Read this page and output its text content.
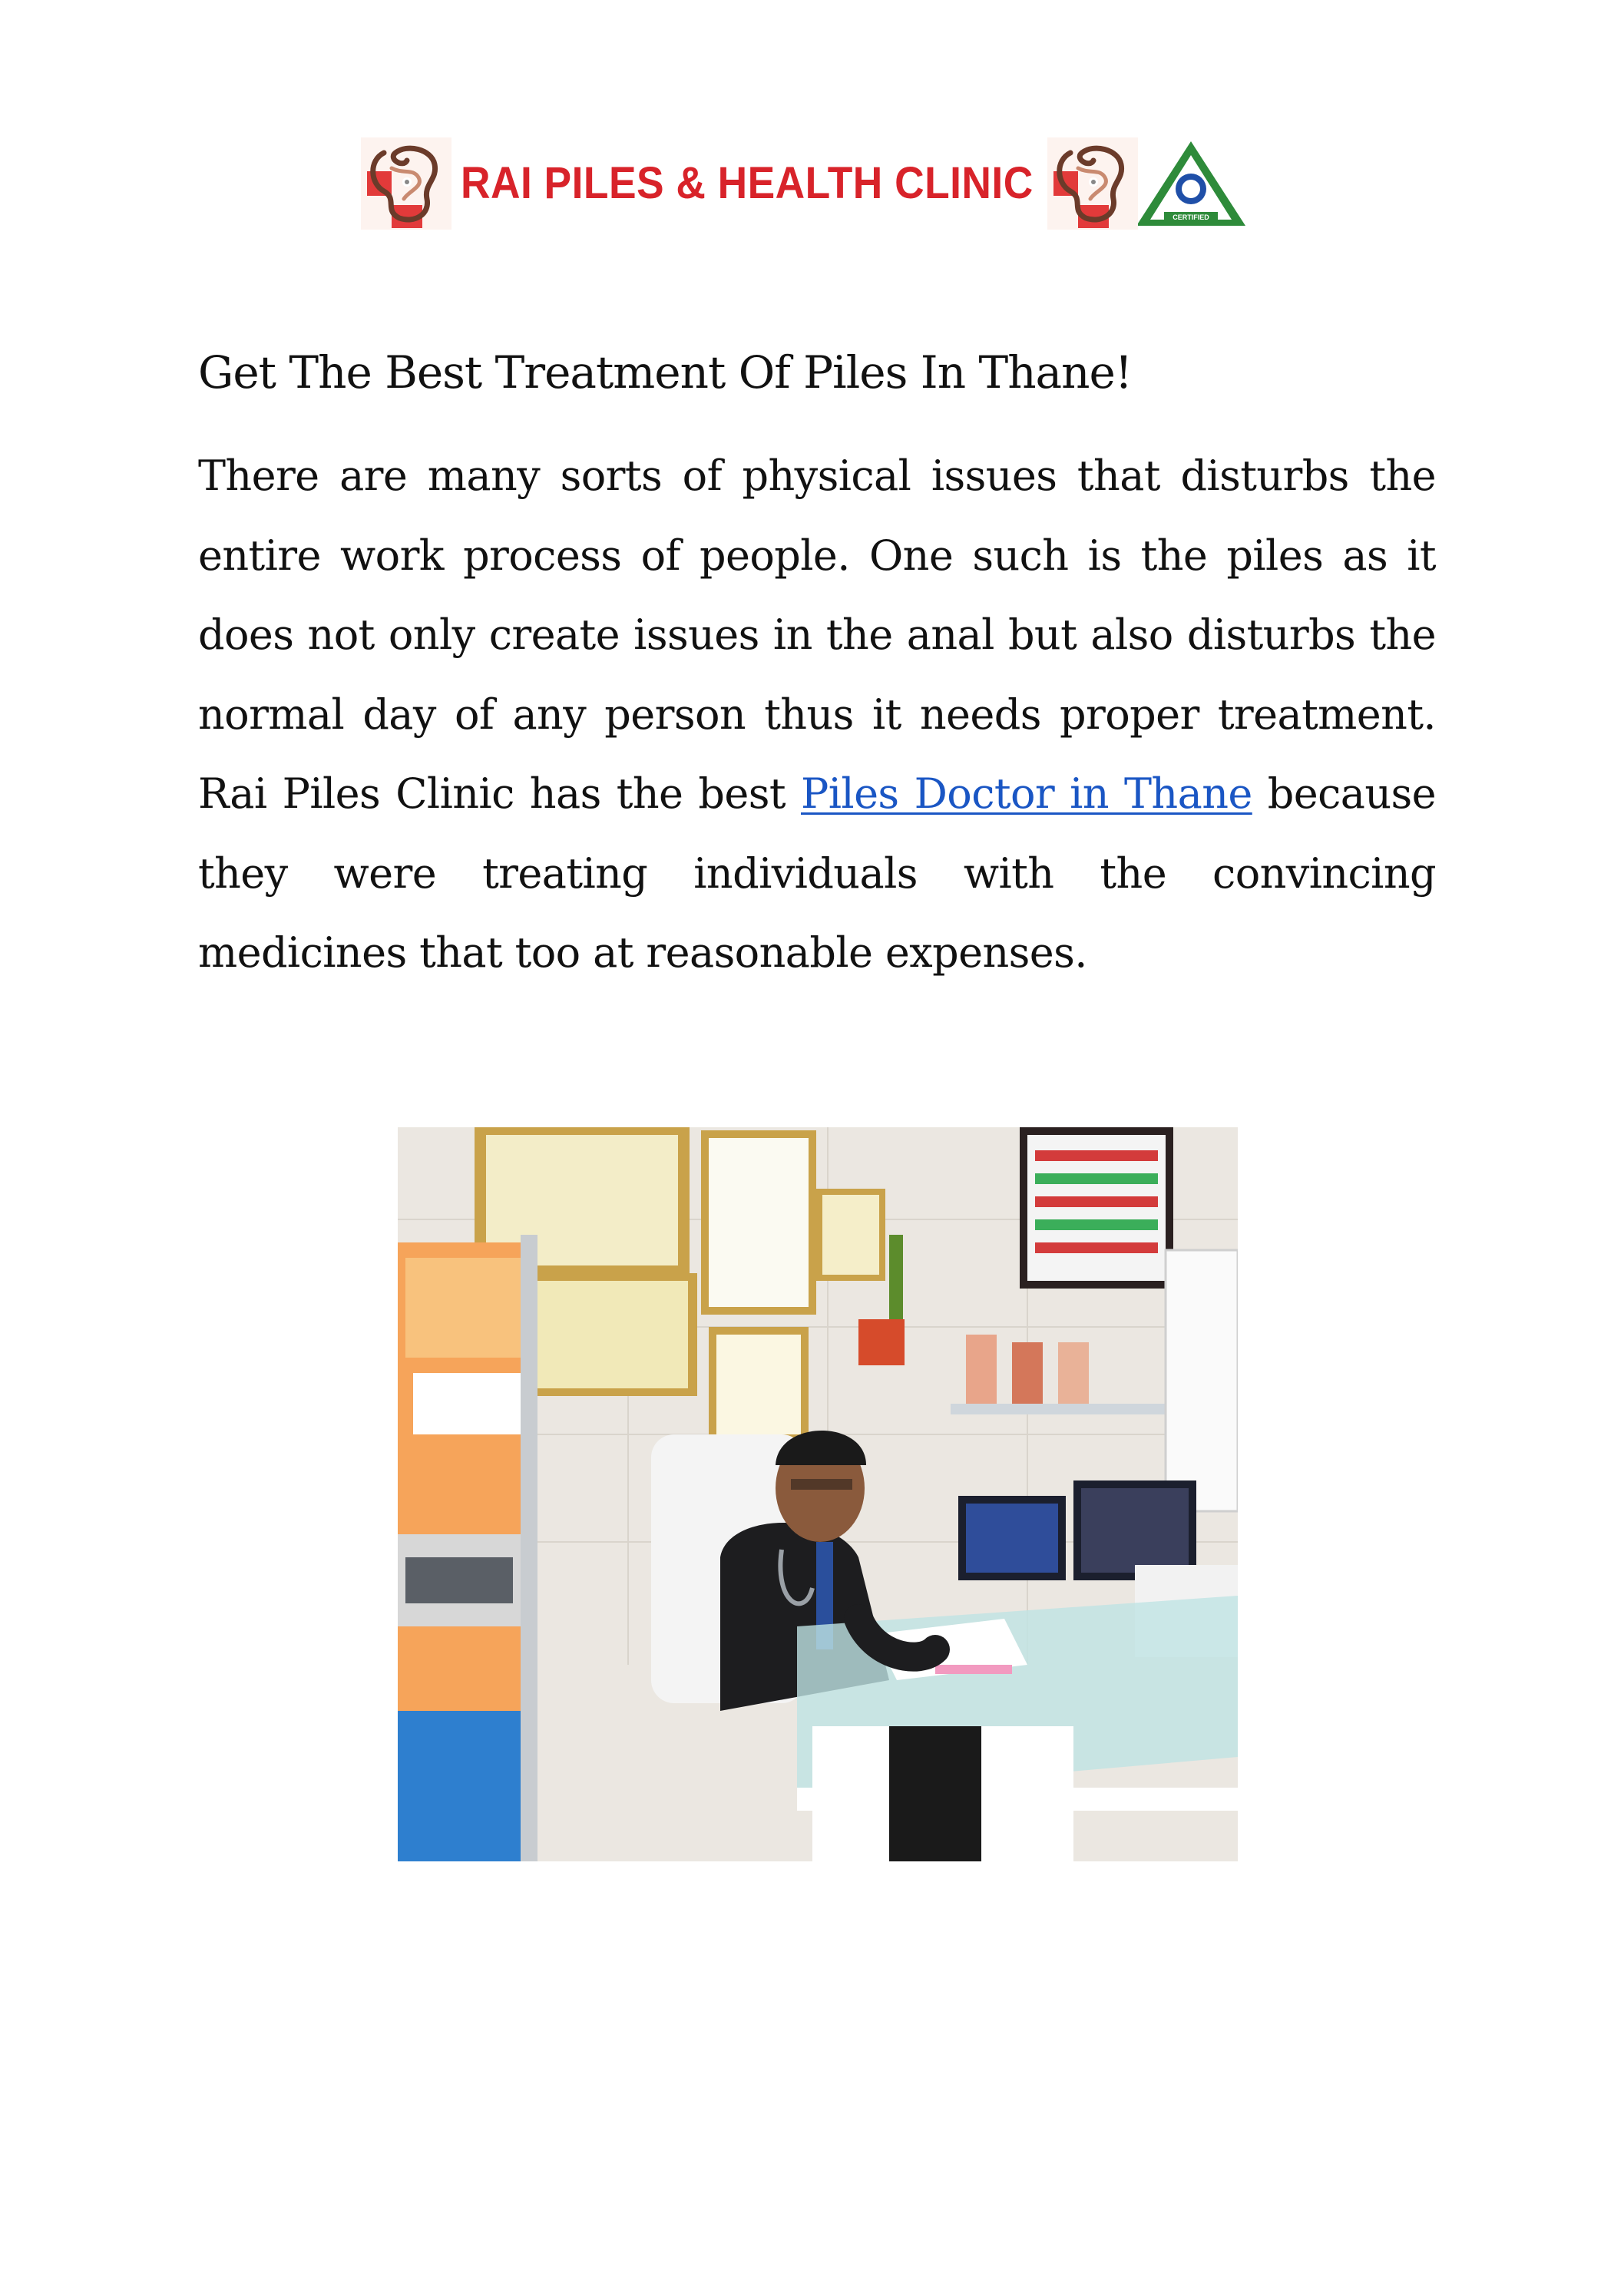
RAI PILES & HEALTH CLINIC
CERTIFIED
Get The Best Treatment Of Piles In Thane!

There are many sorts of physical issues that disturbs the entire work process of people. One such is the piles as it does not only create issues in the anal but also disturbs the normal day of any person thus it needs proper treatment. Rai Piles Clinic has the best Piles Doctor in Thane because they were treating individuals with the convincing medicines that too at reasonable expenses.
